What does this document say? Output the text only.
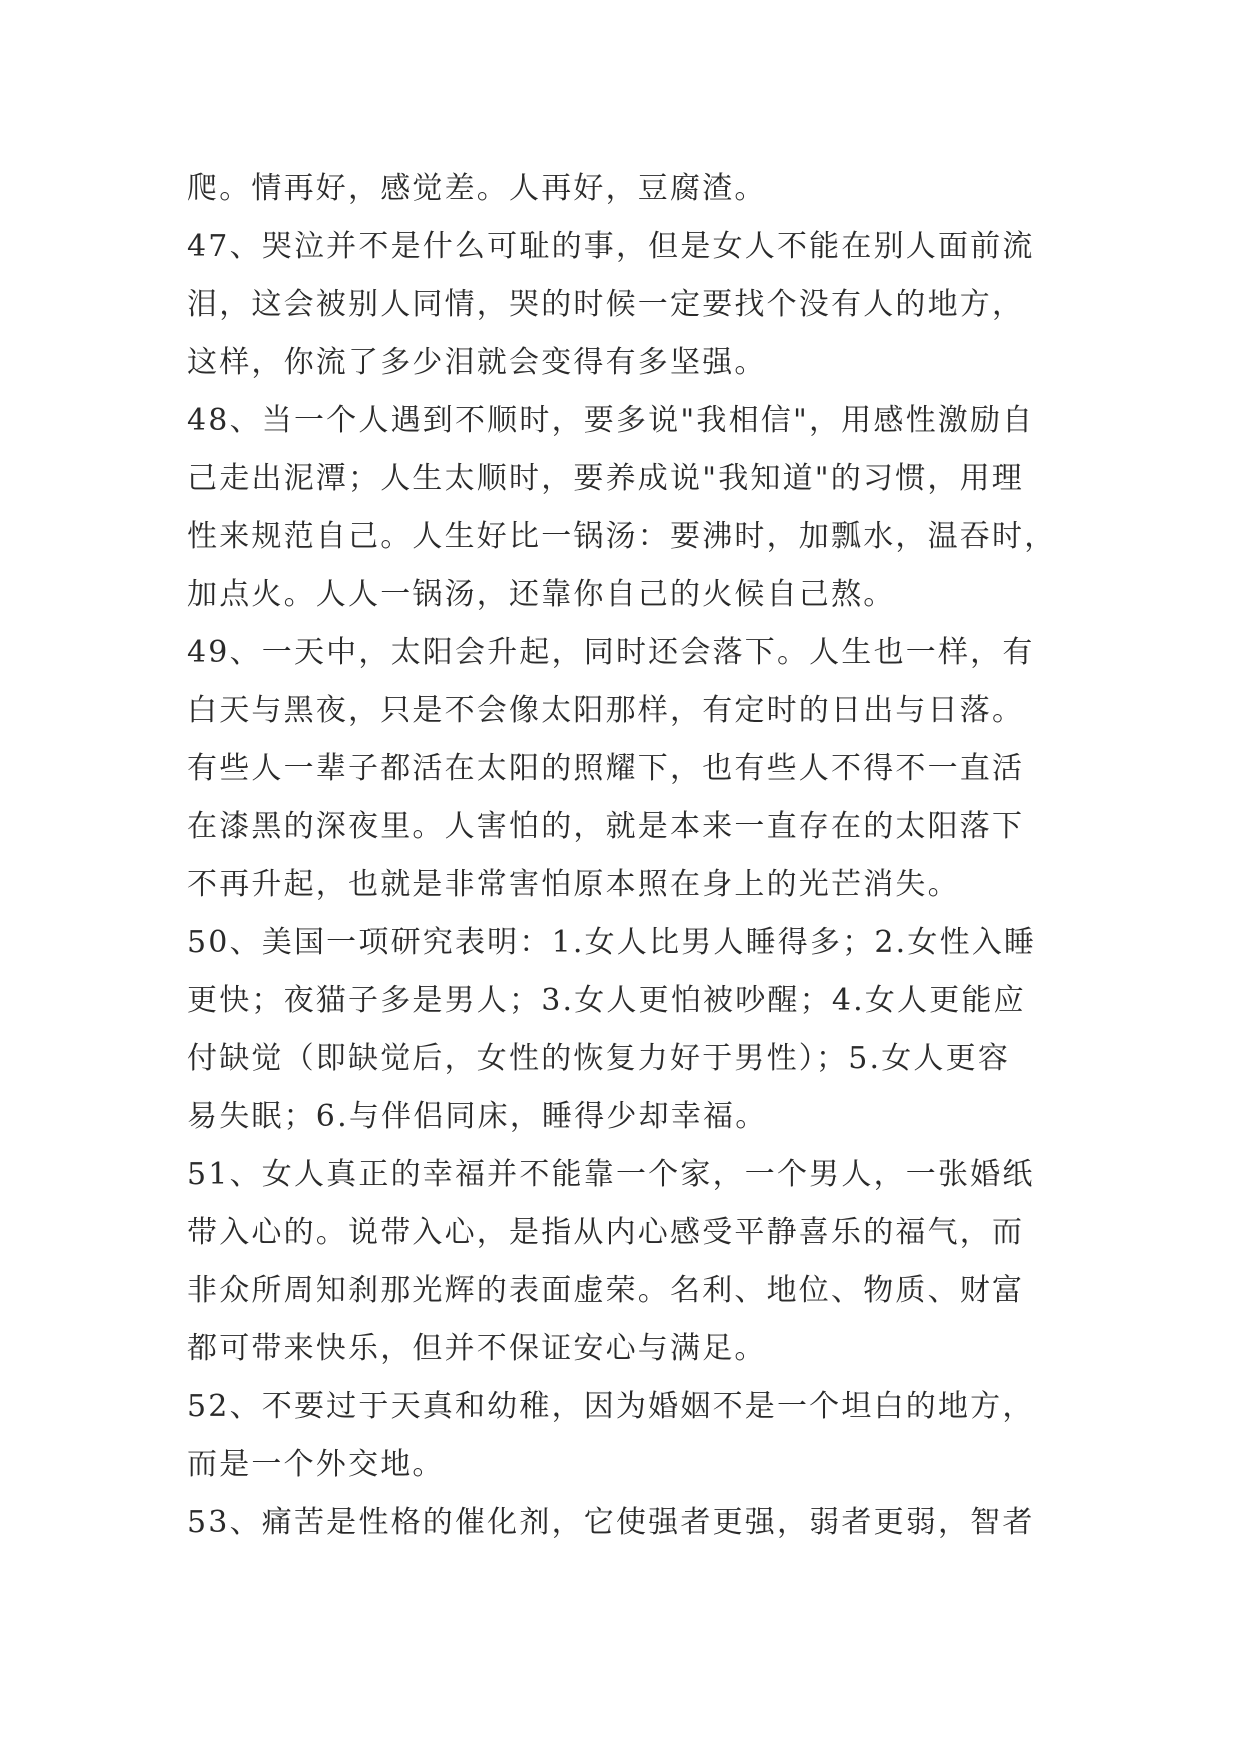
爬。情再好，感觉差。人再好，豆腐渣。
47、哭泣并不是什么可耻的事，但是女人不能在别人面前流
泪，这会被别人同情，哭的时候一定要找个没有人的地方，
这样，你流了多少泪就会变得有多坚强。
48、当一个人遇到不顺时，要多说"我相信"，用感性激励自
己走出泥潭；人生太顺时，要养成说"我知道"的习惯，用理
性来规范自己。人生好比一锅汤：要沸时，加瓢水，温吞时，
加点火。人人一锅汤，还靠你自己的火候自己熬。
49、一天中，太阳会升起，同时还会落下。人生也一样，有
白天与黑夜，只是不会像太阳那样，有定时的日出与日落。
有些人一辈子都活在太阳的照耀下，也有些人不得不一直活
在漆黑的深夜里。人害怕的，就是本来一直存在的太阳落下
不再升起，也就是非常害怕原本照在身上的光芒消失。
50、美国一项研究表明：1.女人比男人睡得多；2.女性入睡
更快；夜猫子多是男人；3.女人更怕被吵醒；4.女人更能应
付缺觉（即缺觉后，女性的恢复力好于男性）；5.女人更容
易失眠；6.与伴侣同床，睡得少却幸福。
51、女人真正的幸福并不能靠一个家，一个男人，一张婚纸
带入心的。说带入心，是指从内心感受平静喜乐的福气，而
非众所周知刹那光辉的表面虚荣。名利、地位、物质、财富
都可带来快乐，但并不保证安心与满足。
52、不要过于天真和幼稚，因为婚姻不是一个坦白的地方，
而是一个外交地。
53、痛苦是性格的催化剂，它使强者更强，弱者更弱，智者
